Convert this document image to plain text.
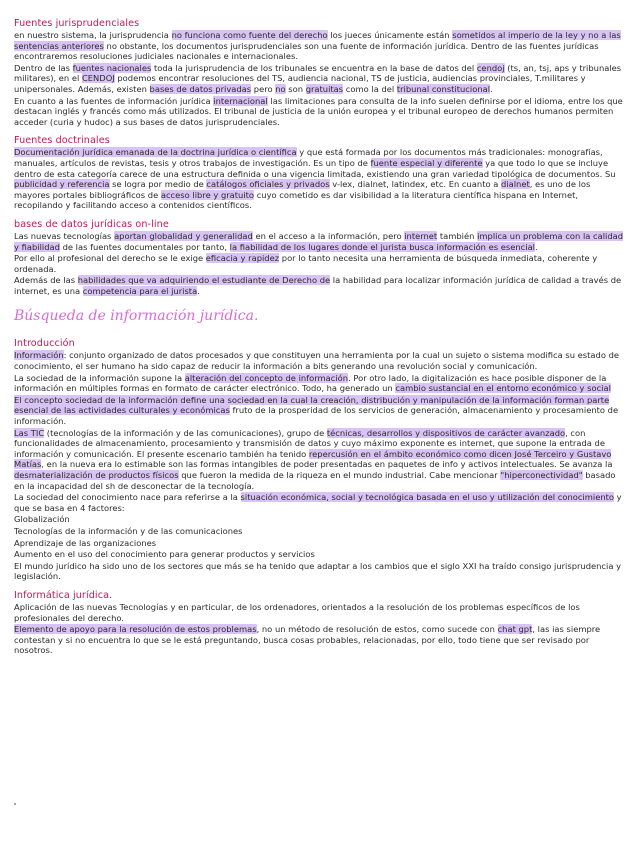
Fuentes jurisprudenciales

en nuestro sistema, la jurisprudencia no funciona como fuente del derecho los jueces únicamente están sometidos al imperio de la ley y no a las sentencias anteriores no obstante, los documentos jurisprudenciales son una fuente de información jurídica. Dentro de las fuentes jurídicas encontraremos resoluciones judiciales nacionales e internacionales.

Dentro de las fuentes nacionales toda la jurisprudencia de los tribunales se encuentra en la base de datos del cendoj (ts, an, tsj, aps y tribunales militares), en el CENDOJ podemos encontrar resoluciones del TS, audiencia nacional, TS de justicia, audiencias provinciales, T.militares y unipersonales. Además, existen bases de datos privadas pero no son gratuitas como la del tribunal constitucional.

En cuanto a las fuentes de información jurídica internacional las limitaciones para consulta de la info suelen definirse por el idioma, entre los que destacan inglés y francés como más utilizados. El tribunal de justicia de la unión europea y el tribunal europeo de derechos humanos permiten acceder (curia y hudoc) a sus bases de datos jurisprudenciales.

Fuentes doctrinales

Documentación jurídica emanada de la doctrina jurídica o científica y que está formada por los documentos más tradicionales: monografías, manuales, artículos de revistas, tesis y otros trabajos de investigación. Es un tipo de fuente especial y diferente ya que todo lo que se incluye dentro de esta categoría carece de una estructura definida o una vigencia limitada, existiendo una gran variedad tipológica de documentos. Su publicidad y referencia se logra por medio de catálogos oficiales y privados v-lex, dialnet, latindex, etc. En cuanto a dialnet, es uno de los mayores portales bibliográficos de acceso libre y gratuito cuyo cometido es dar visibilidad a la literatura científica hispana en Internet, recopilando y facilitando acceso a contenidos científicos.

bases de datos jurídicas on-line

Las nuevas tecnologías aportan globalidad y generalidad en el acceso a la información, pero internet también implica un problema con la calidad y fiabilidad de las fuentes documentales por tanto, la fiabilidad de los lugares donde el jurista busca información es esencial.

Por ello al profesional del derecho se le exige eficacia y rapidez por lo tanto necesita una herramienta de búsqueda inmediata, coherente y ordenada.

Además de las habilidades que va adquiriendo el estudiante de Derecho de la habilidad para localizar información jurídica de calidad a través de internet, es una competencia para el jurista.

Búsqueda de información jurídica.
Introducción

Información: conjunto organizado de datos procesados y que constituyen una herramienta por la cual un sujeto o sistema modifica su estado de conocimiento, el ser humano ha sido capaz de reducir la información a bits generando una revolución social y comunicación.

La sociedad de la información supone la alteración del concepto de información. Por otro lado, la digitalización es hace posible disponer de la información en múltiples formas en formato de carácter electrónico. Todo, ha generado un cambio sustancial en el entorno económico y social

El concepto sociedad de la información define una sociedad en la cual la creación, distribución y manipulación de la información forman parte esencial de las actividades culturales y económicas fruto de la prosperidad de los servicios de generación, almacenamiento y procesamiento de información.

Las TIC (tecnologías de la información y de las comunicaciones), grupo de técnicas, desarrollos y dispositivos de carácter avanzado, con funcionalidades de almacenamiento, procesamiento y transmisión de datos y cuyo máximo exponente es internet, que supone la entrada de información y comunicación. El presente escenario también ha tenido repercusión en el ámbito económico como dicen José Terceiro y Gustavo Matías, en la nueva era lo estimable son las formas intangibles de poder presentadas en paquetes de info y activos intelectuales. Se avanza la desmaterialización de productos físicos que fueron la medida de la riqueza en el mundo industrial. Cabe mencionar "hiperconectividad" basado en la incapacidad del sh de desconectar de la tecnología.

La sociedad del conocimiento nace para referirse a la situación económica, social y tecnológica basada en el uso y utilización del conocimiento y que se basa en 4 factores:

Globalización

Tecnologías de la información y de las comunicaciones

Aprendizaje de las organizaciones

Aumento en el uso del conocimiento para generar productos y servicios

El mundo jurídico ha sido uno de los sectores que más se ha tenido que adaptar a los cambios que el siglo XXI ha traído consigo jurisprudencia y legislación.

Informática jurídica.

Aplicación de las nuevas Tecnologías y en particular, de los ordenadores, orientados a la resolución de los problemas específicos de los profesionales del derecho.

Elemento de apoyo para la resolución de estos problemas, no un método de resolución de estos, como sucede con chat gpt, las ias siempre contestan y si no encuentra lo que se le está preguntando, busca cosas probables, relacionadas, por ello, todo tiene que ser revisado por nosotros.
